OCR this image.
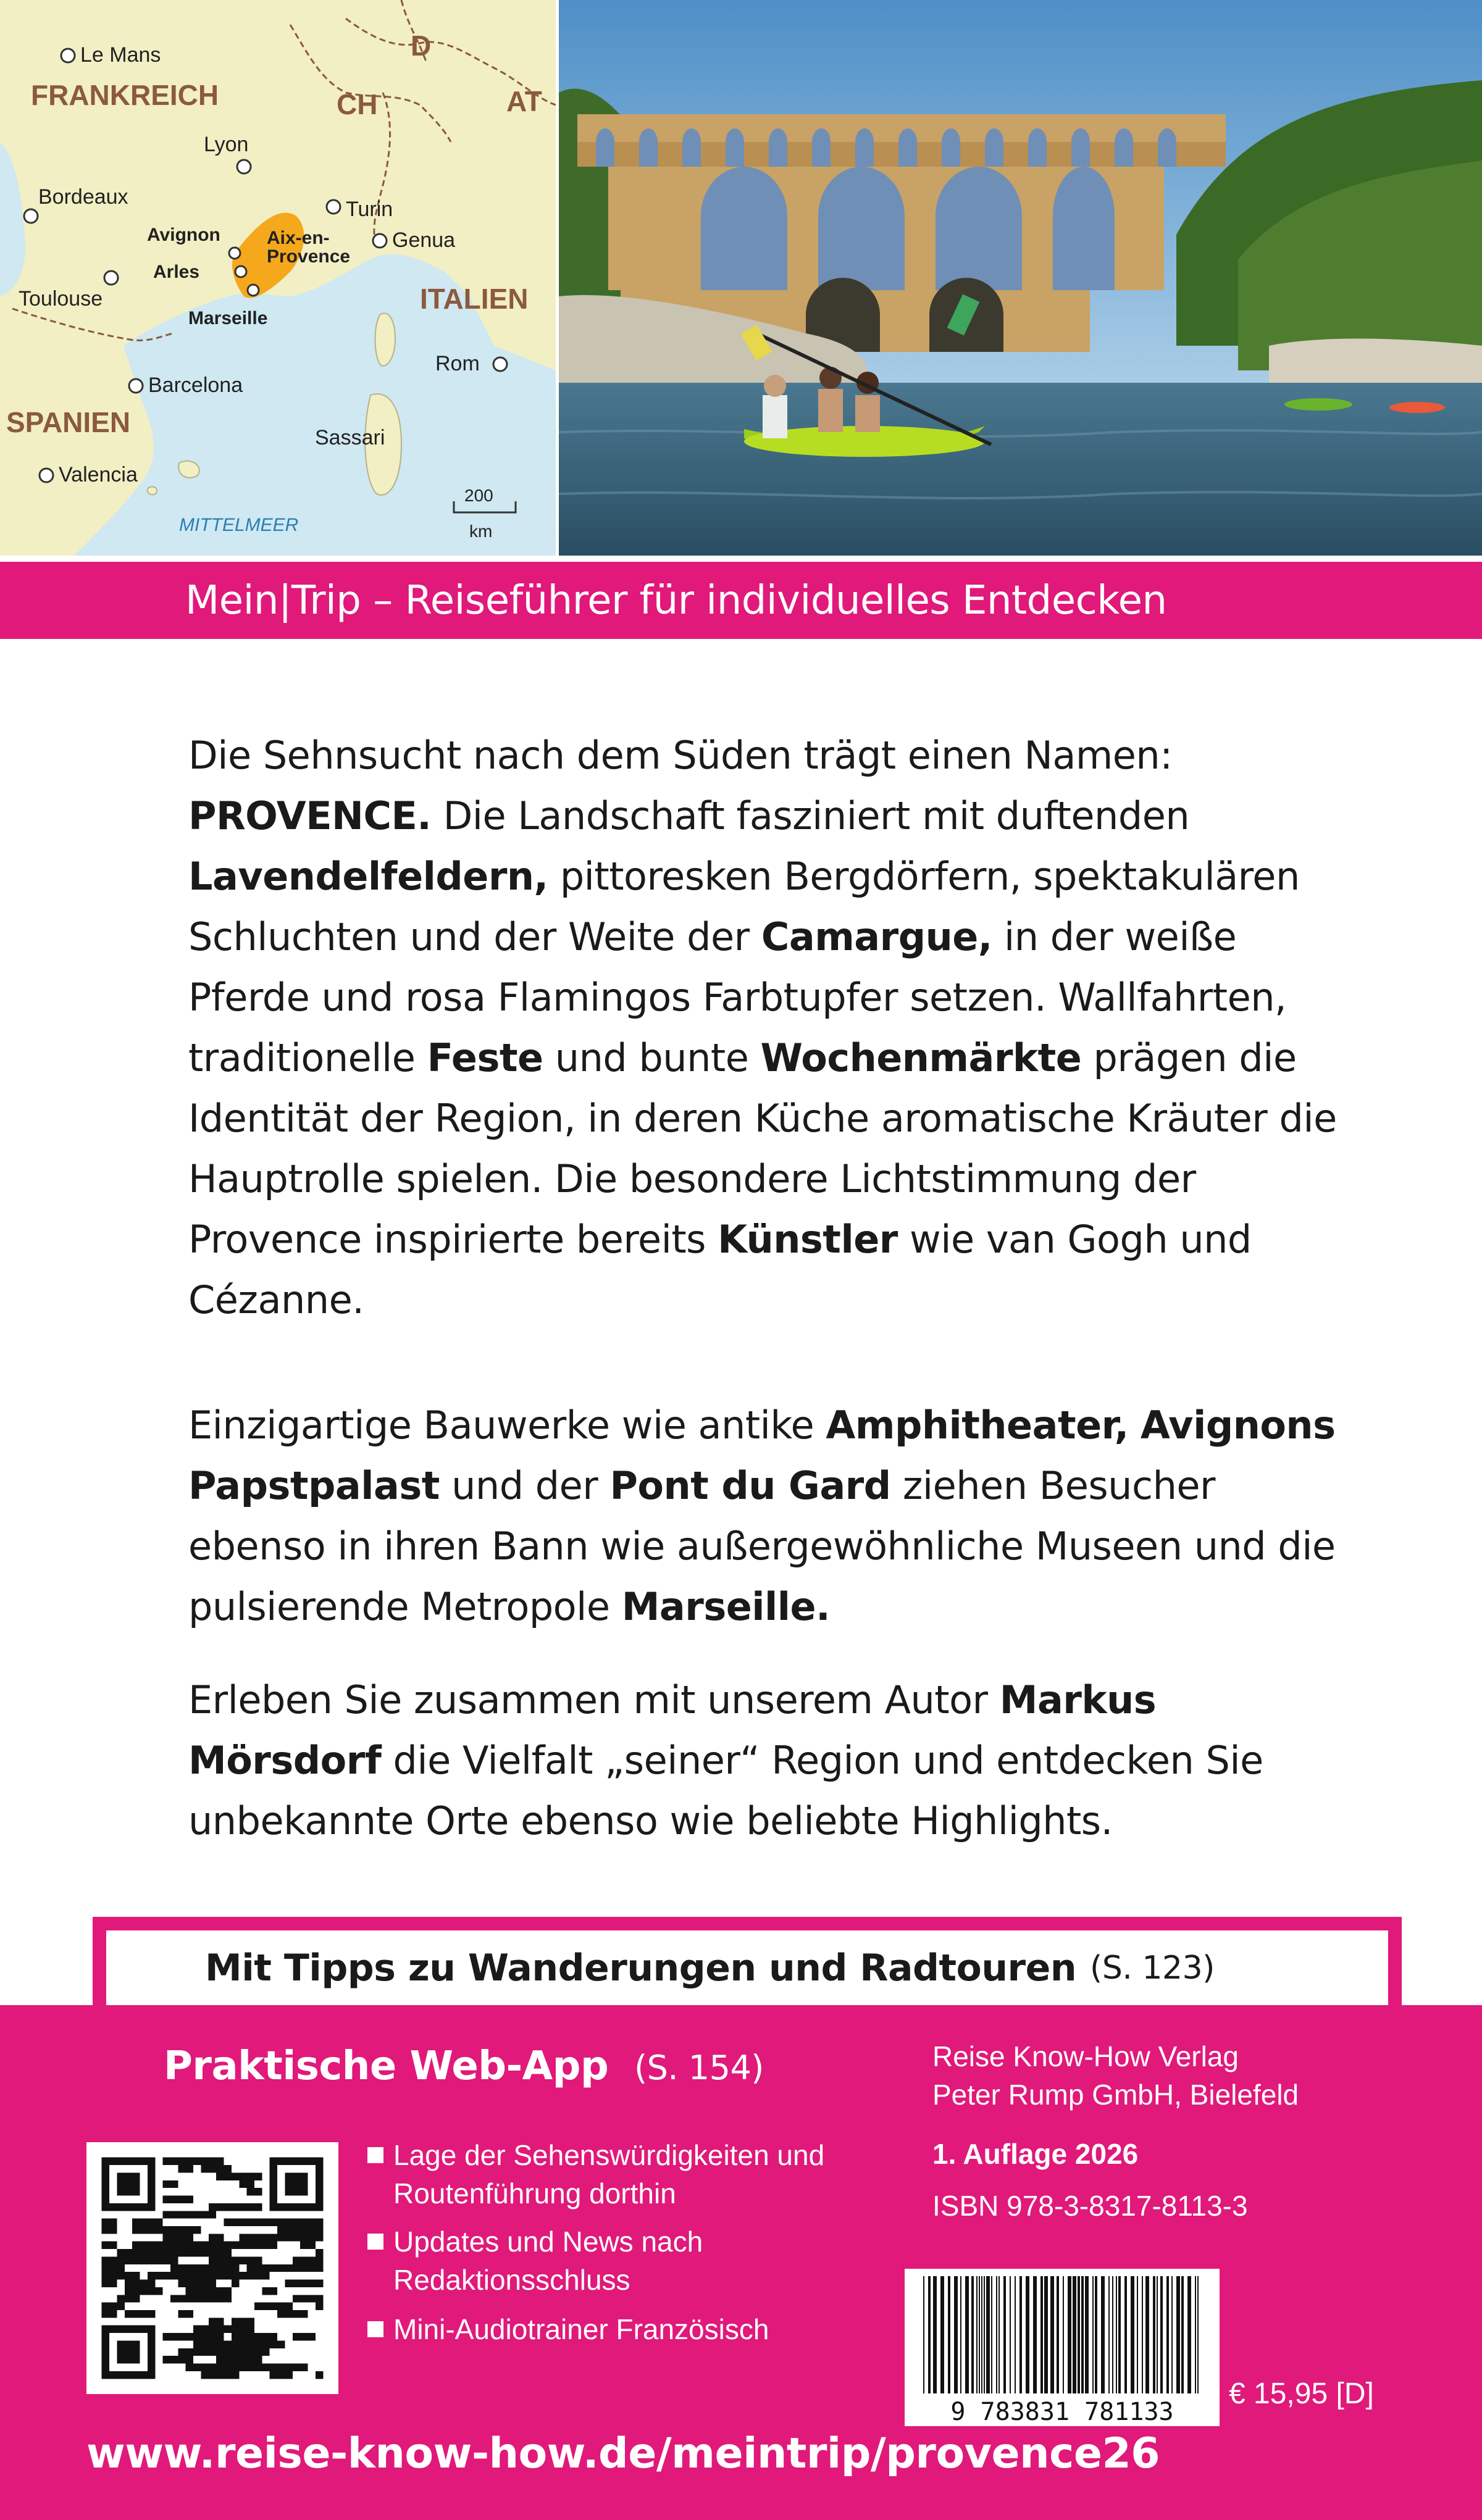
FRANKREICH	CH
D
AT
ITALIEN
SPANIEN
Le Mans
Lyon
Bordeaux
Turin
Avignon	Aix-en-
Provence
Arles
Genua
Toulouse
Marseille
Barcelona
Rom
Sassari
Valencia
MITTELMEER
200
km
Mein|Trip – Reiseführer für individuelles Entdecken
Die Sehnsucht nach dem Süden trägt einen Namen: PROVENCE. Die Landschaft fasziniert mit duftenden Lavendelfeldern, pittoresken Bergdörfern, spektakulären Schluchten und der Weite der Camargue, in der weiße Pferde und rosa Flamingos Farbtupfer setzen. Wallfahrten, traditionelle Feste und bunte Wochenmärkte prägen die Identität der Region, in deren Küche aromatische Kräuter die Hauptrolle spielen. Die besondere Lichtstimmung der Provence inspirierte bereits Künstler wie van Gogh und Cézanne.
Einzigartige Bauwerke wie antike Amphitheater, Avignons Papstpalast und der Pont du Gard ziehen Besucher ebenso in ihren Bann wie außergewöhnliche Museen und die pulsierende Metropole Marseille.
Erleben Sie zusammen mit unserem Autor Markus Mörsdorf die Vielfalt „seiner“ Region und entdecken Sie unbekannte Orte ebenso wie beliebte Highlights.
Mit Tipps zu Wanderungen und Radtouren (S. 123)
Praktische Web-App (S. 154)
Lage der Sehenswürdigkeiten und Routenführung dorthin
Updates und News nach Redaktionsschluss
Mini-Audiotrainer Französisch
Reise Know-How Verlag
Peter Rump GmbH, Bielefeld
1. Auflage 2026
ISBN 978-3-8317-8113-3
9 783831 781133
€ 15,95 [D]
www.reise-know-how.de/meintrip/provence26
